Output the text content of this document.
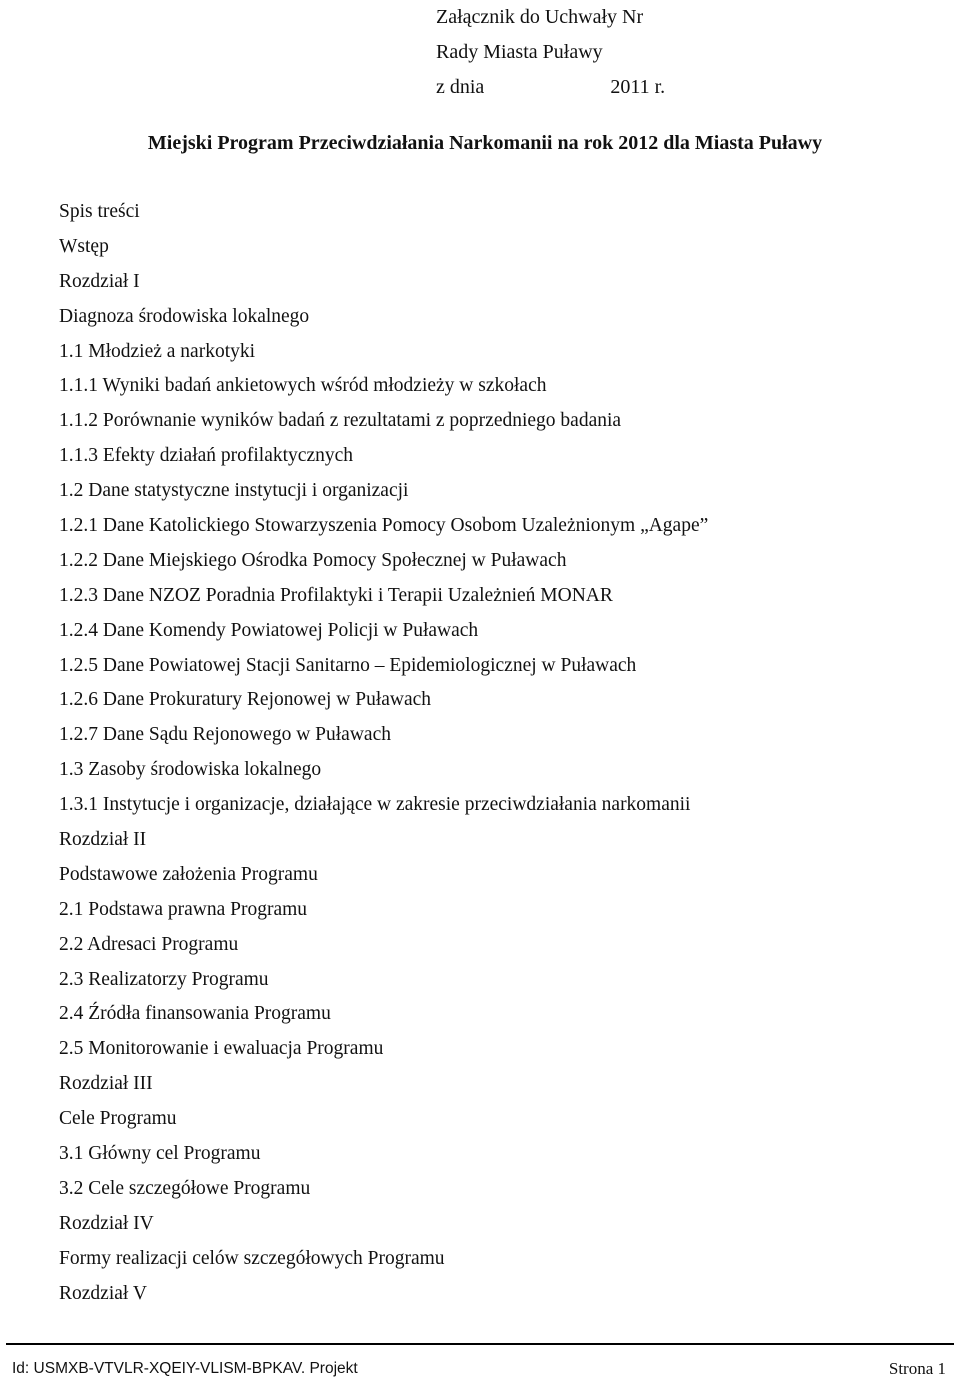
Załącznik do Uchwały Nr
Rady Miasta Puławy
z dnia	2011 r.
Miejski Program Przeciwdziałania Narkomanii na rok 2012 dla Miasta Puławy
Spis treści
Wstęp
Rozdział I
Diagnoza środowiska lokalnego
1.1 Młodzież a narkotyki
1.1.1 Wyniki badań ankietowych wśród młodzieży w szkołach
1.1.2 Porównanie wyników badań z rezultatami z poprzedniego badania
1.1.3 Efekty działań profilaktycznych
1.2 Dane statystyczne instytucji i organizacji
1.2.1 Dane Katolickiego Stowarzyszenia Pomocy Osobom Uzależnionym „Agape”
1.2.2 Dane Miejskiego Ośrodka Pomocy Społecznej w Puławach
1.2.3 Dane NZOZ Poradnia Profilaktyki i Terapii Uzależnień MONAR
1.2.4 Dane Komendy Powiatowej Policji w Puławach
1.2.5 Dane Powiatowej Stacji Sanitarno – Epidemiologicznej w Puławach
1.2.6 Dane Prokuratury Rejonowej w Puławach
1.2.7 Dane Sądu Rejonowego w Puławach
1.3 Zasoby środowiska lokalnego
1.3.1 Instytucje i organizacje, działające w zakresie przeciwdziałania narkomanii
Rozdział II
Podstawowe założenia Programu
2.1 Podstawa prawna Programu
2.2 Adresaci Programu
2.3 Realizatorzy Programu
2.4 Źródła finansowania Programu
2.5 Monitorowanie i ewaluacja Programu
Rozdział III
Cele Programu
3.1 Główny cel Programu
3.2 Cele szczegółowe Programu
Rozdział IV
Formy realizacji celów szczegółowych Programu
Rozdział V
Id: USMXB-VTVLR-XQEIY-VLISM-BPKAV. Projekt	Strona 1
